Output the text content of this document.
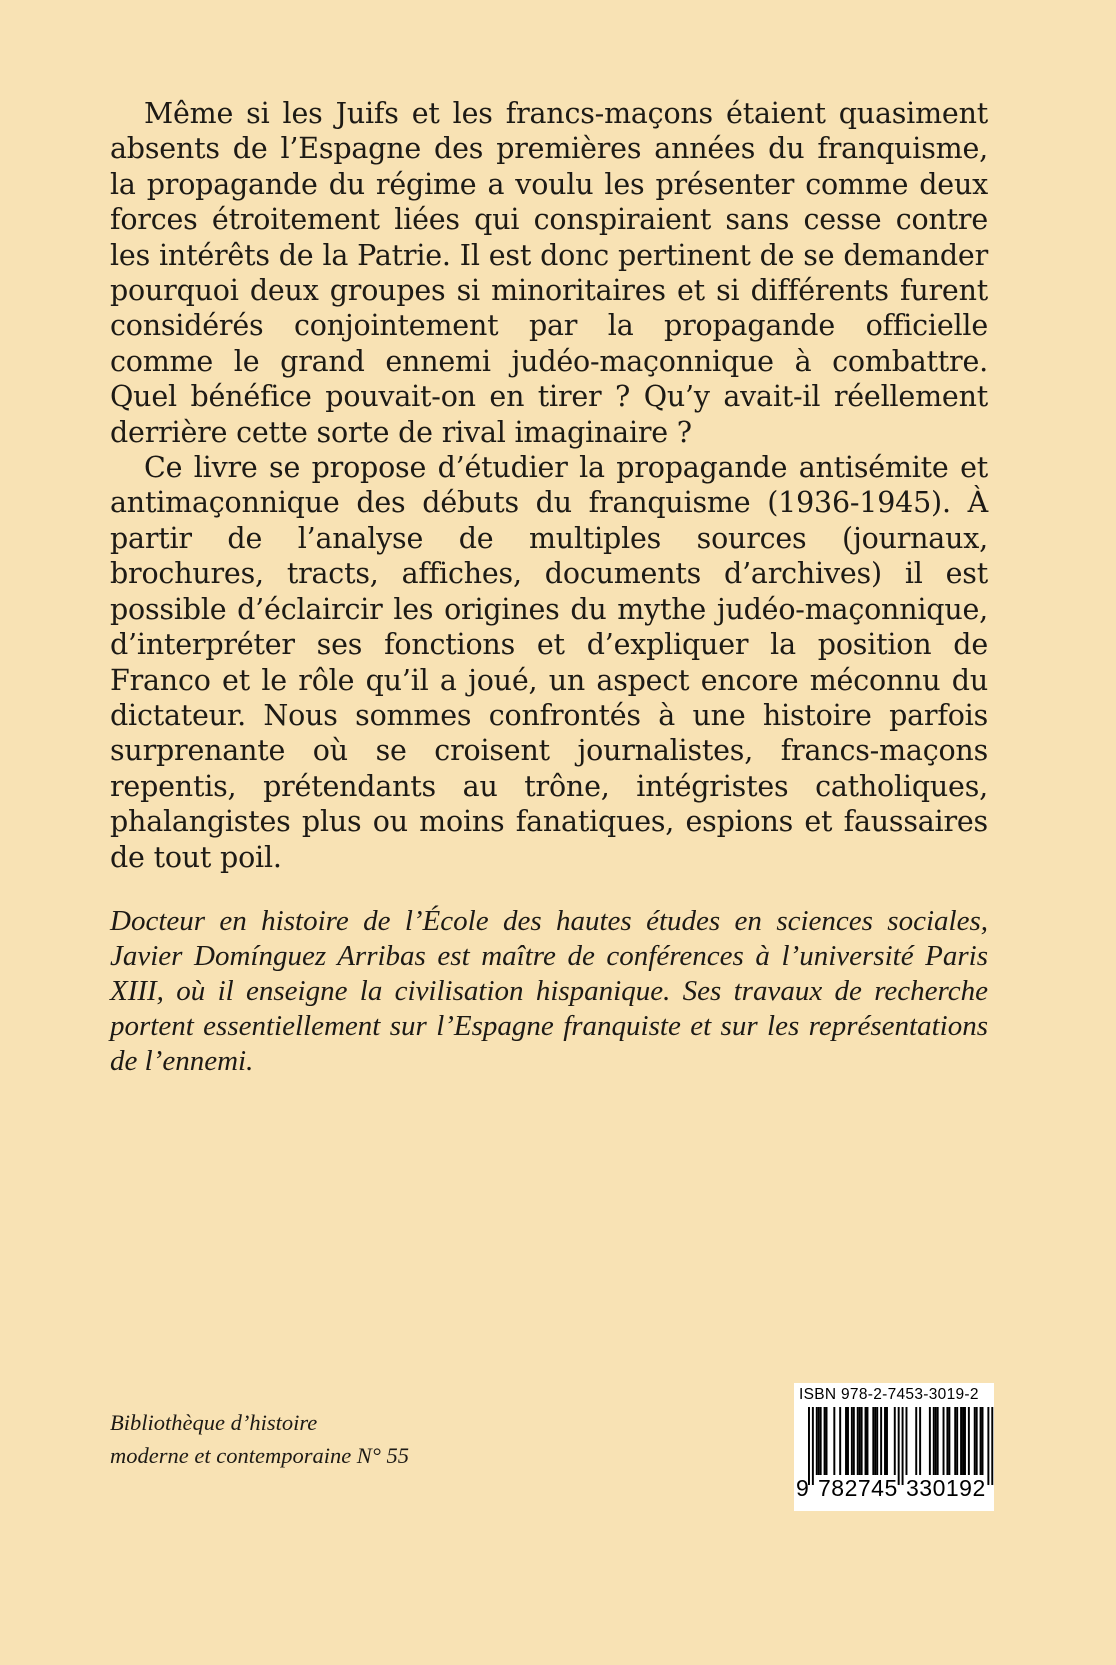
Même si les Juifs et les francs-maçons étaient quasiment absents de l’Espagne des premières années du franquisme, la propagande du régime a voulu les présenter comme deux forces étroitement liées qui conspiraient sans cesse contre les intérêts de la Patrie. Il est donc pertinent de se demander pourquoi deux groupes si minoritaires et si différents furent considérés conjointement par la propagande officielle comme le grand ennemi judéo-maçonnique à combattre. Quel bénéfice pouvait-on en tirer ? Qu’y avait-il réellement derrière cette sorte de rival imaginaire ?

Ce livre se propose d’étudier la propagande antisémite et antimaçonnique des débuts du franquisme (1936-1945). À partir de l’analyse de multiples sources (journaux, brochures, tracts, affiches, documents d’archives) il est possible d’éclaircir les origines du mythe judéo-maçonnique, d’interpréter ses fonctions et d’expliquer la position de Franco et le rôle qu’il a joué, un aspect encore méconnu du dictateur. Nous sommes confrontés à une histoire parfois surprenante où se croisent journalistes, francs-maçons repentis, prétendants au trône, intégristes catholiques, phalangistes plus ou moins fanatiques, espions et faussaires de tout poil.

Docteur en histoire de l’École des hautes études en sciences sociales, Javier Domínguez Arribas est maître de conférences à l’université Paris XIII, où il enseigne la civilisation hispanique. Ses travaux de recherche portent essentiellement sur l’Espagne franquiste et sur les représentations de l’ennemi.

Bibliothèque d’histoire
moderne et contemporaine N° 55
ISBN 978-2-7453-3019-2
9 782745 330192
